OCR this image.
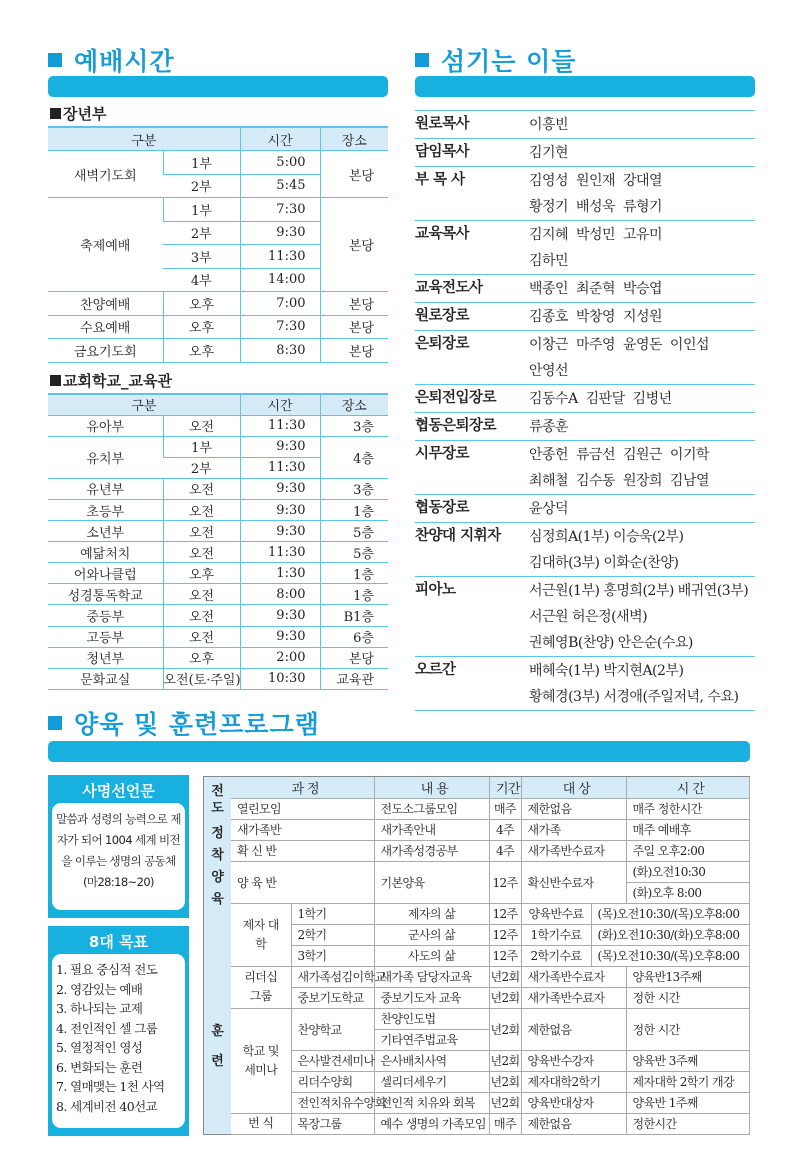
예배시간	섬기는 이들
장년부
구분		시간	장소
새벽기도회	1부	5:00	본당
	2부	5:45	
축제예배	1부	7:30	본당
	2부	9:30	
	3부	11:30	
	4부	14:00	
찬양예배	오후	7:00	본당
수요예배	오후	7:30	본당
금요기도회	오후	8:30	본당
교회학교_교육관
구분		시간	장소
유아부	오전	11:30	3층
유치부	1부	9:30	4층
	2부	11:30	
유년부	오전	9:30	3층
초등부	오전	9:30	1층
소년부	오전	9:30	5층
예닮처치	오전	11:30	5층
어와나클럽	오후	1:30	1층
성경통독학교	오전	8:00	1층
중등부	오전	9:30	B1층
고등부	오전	9:30	6층
청년부	오후	2:00	본당
문화교실	오전(토·주일)	10:30	교육관
원로목사	이흥빈
담임목사	김기현
부 목 사	김영성  원인재  강대열
황정기  배성욱  류형기
교육목사	김지혜  박성민  고유미
김하민
교육전도사	백종인  최준혁  박승엽
원로장로	김종호  박창영  지성원
은퇴장로	이창근  마주영  윤영돈  이인섭
안영선
은퇴전입장로	김동수A  김판달  김병년
협동은퇴장로	류종훈
시무장로	안종헌  류금선  김원근  이기학
최해철  김수동  원장희  김남열
협동장로	윤상덕
찬양대 지휘자	심정희A(1부) 이승욱(2부)
김대하(3부) 이화순(찬양)
피아노	서근원(1부) 홍명희(2부) 배귀연(3부)
서근원 허은정(새벽)
권혜영B(찬양) 안은순(수요)
오르간	배혜숙(1부) 박지현A(2부)
황혜경(3부) 서경애(주일저녁, 수요)
양육 및 훈련프로그램
사명선언문
말씀과 성령의 능력으로 제자가 되어 1004 세계 비전을 이루는 생명의 공동체 (마28:18~20)
8대 목표
1. 필요 중심적 전도
2. 영감있는 예배
3. 하나되는 교제
4. 전인적인 셀 그룹
5. 열정적인 영성
6. 변화되는 훈련
7. 열매맺는 1천 사역
8. 세계비전 40선교
전도
정착 양육
훈련
과 정		내 용	기간	대 상		시 간
열린모임		전도소그룹모임	매주	제한없음		매주 정한시간
새가족반		새가족안내	4주	새가족		매주 예배후
확 신 반		새가족성경공부	4주	새가족반수료자		주일 오후2:00
양 육 반		기본양육	12주	확신반수료자		(화)오전10:30
						(화)오후 8:00
제자 대학	1학기	제자의 삶	12주	양육반수료	(목)오전10:30/(목)오후8:00	
	2학기	군사의 삶	12주	1학기수료	(화)오전10:30/(화)오후8:00	
	3학기	사도의 삶	12주	2학기수료	(목)오전10:30/(목)오후8:00	
리더십 그룹	새가족섬김이학교	새가족 담당자교육	년2회	새가족반수료자		양육반13주째
	중보기도학교	중보기도자 교육	년2회	새가족반수료자		정한 시간
학교 및 세미나	찬양학교	찬양인도법	년2회	제한없음		정한 시간
		기타연주법교육				
	은사발견세미나	은사배치사역	년2회	양육반수강자		양육반 3주째
	리더수양회	셀리더세우기	년2회	제자대학2학기		제자대학 2학기 개강
	전인적치유수양회	전인적 치유와 회복	년2회	양육반대상자		양육반 1주째
번 식	목장그룹	예수 생명의 가족모임	매주	제한없음		정한시간
